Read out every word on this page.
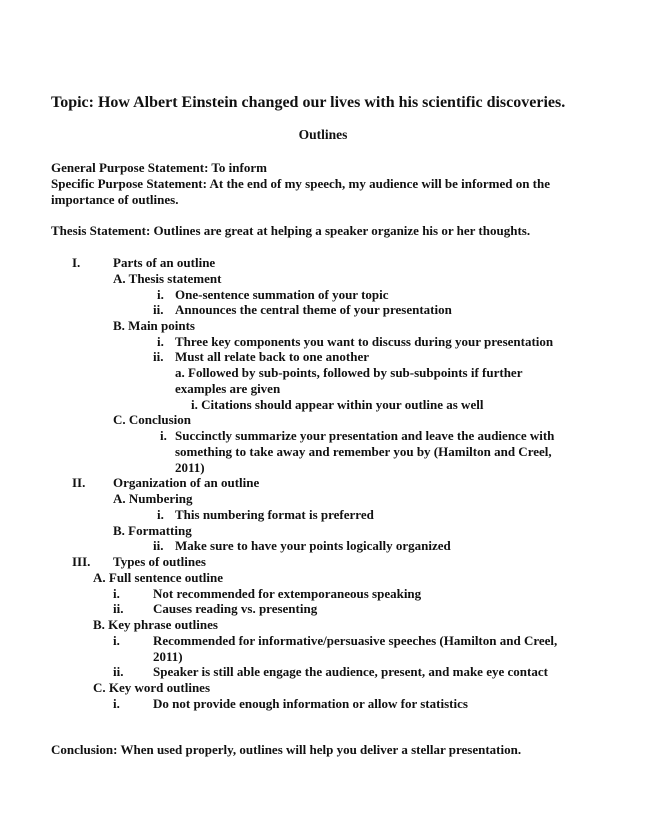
Topic: How Albert Einstein changed our lives with his scientific discoveries.
Outlines
General Purpose Statement: To inform
Specific Purpose Statement: At the end of my speech, my audience will be informed on the importance of outlines.
Thesis Statement: Outlines are great at helping a speaker organize his or her thoughts.
I.	Parts of an outline
A. Thesis statement
i. One-sentence summation of your topic
ii. Announces the central theme of your presentation
B. Main points
i. Three key components you want to discuss during your presentation
ii. Must all relate back to one another
a. Followed by sub-points, followed by sub-subpoints if further examples are given
i. Citations should appear within your outline as well
C. Conclusion
i. Succinctly summarize your presentation and leave the audience with something to take away and remember you by (Hamilton and Creel, 2011)
II. Organization of an outline
A. Numbering
i. This numbering format is preferred
B. Formatting
ii. Make sure to have your points logically organized
III. Types of outlines
A. Full sentence outline
i.	Not recommended for extemporaneous speaking
ii. Causes reading vs. presenting
B. Key phrase outlines
i.	Recommended for informative/persuasive speeches (Hamilton and Creel, 2011)
ii. Speaker is still able engage the audience, present, and make eye contact
C. Key word outlines
i.	Do not provide enough information or allow for statistics
Conclusion: When used properly, outlines will help you deliver a stellar presentation.
